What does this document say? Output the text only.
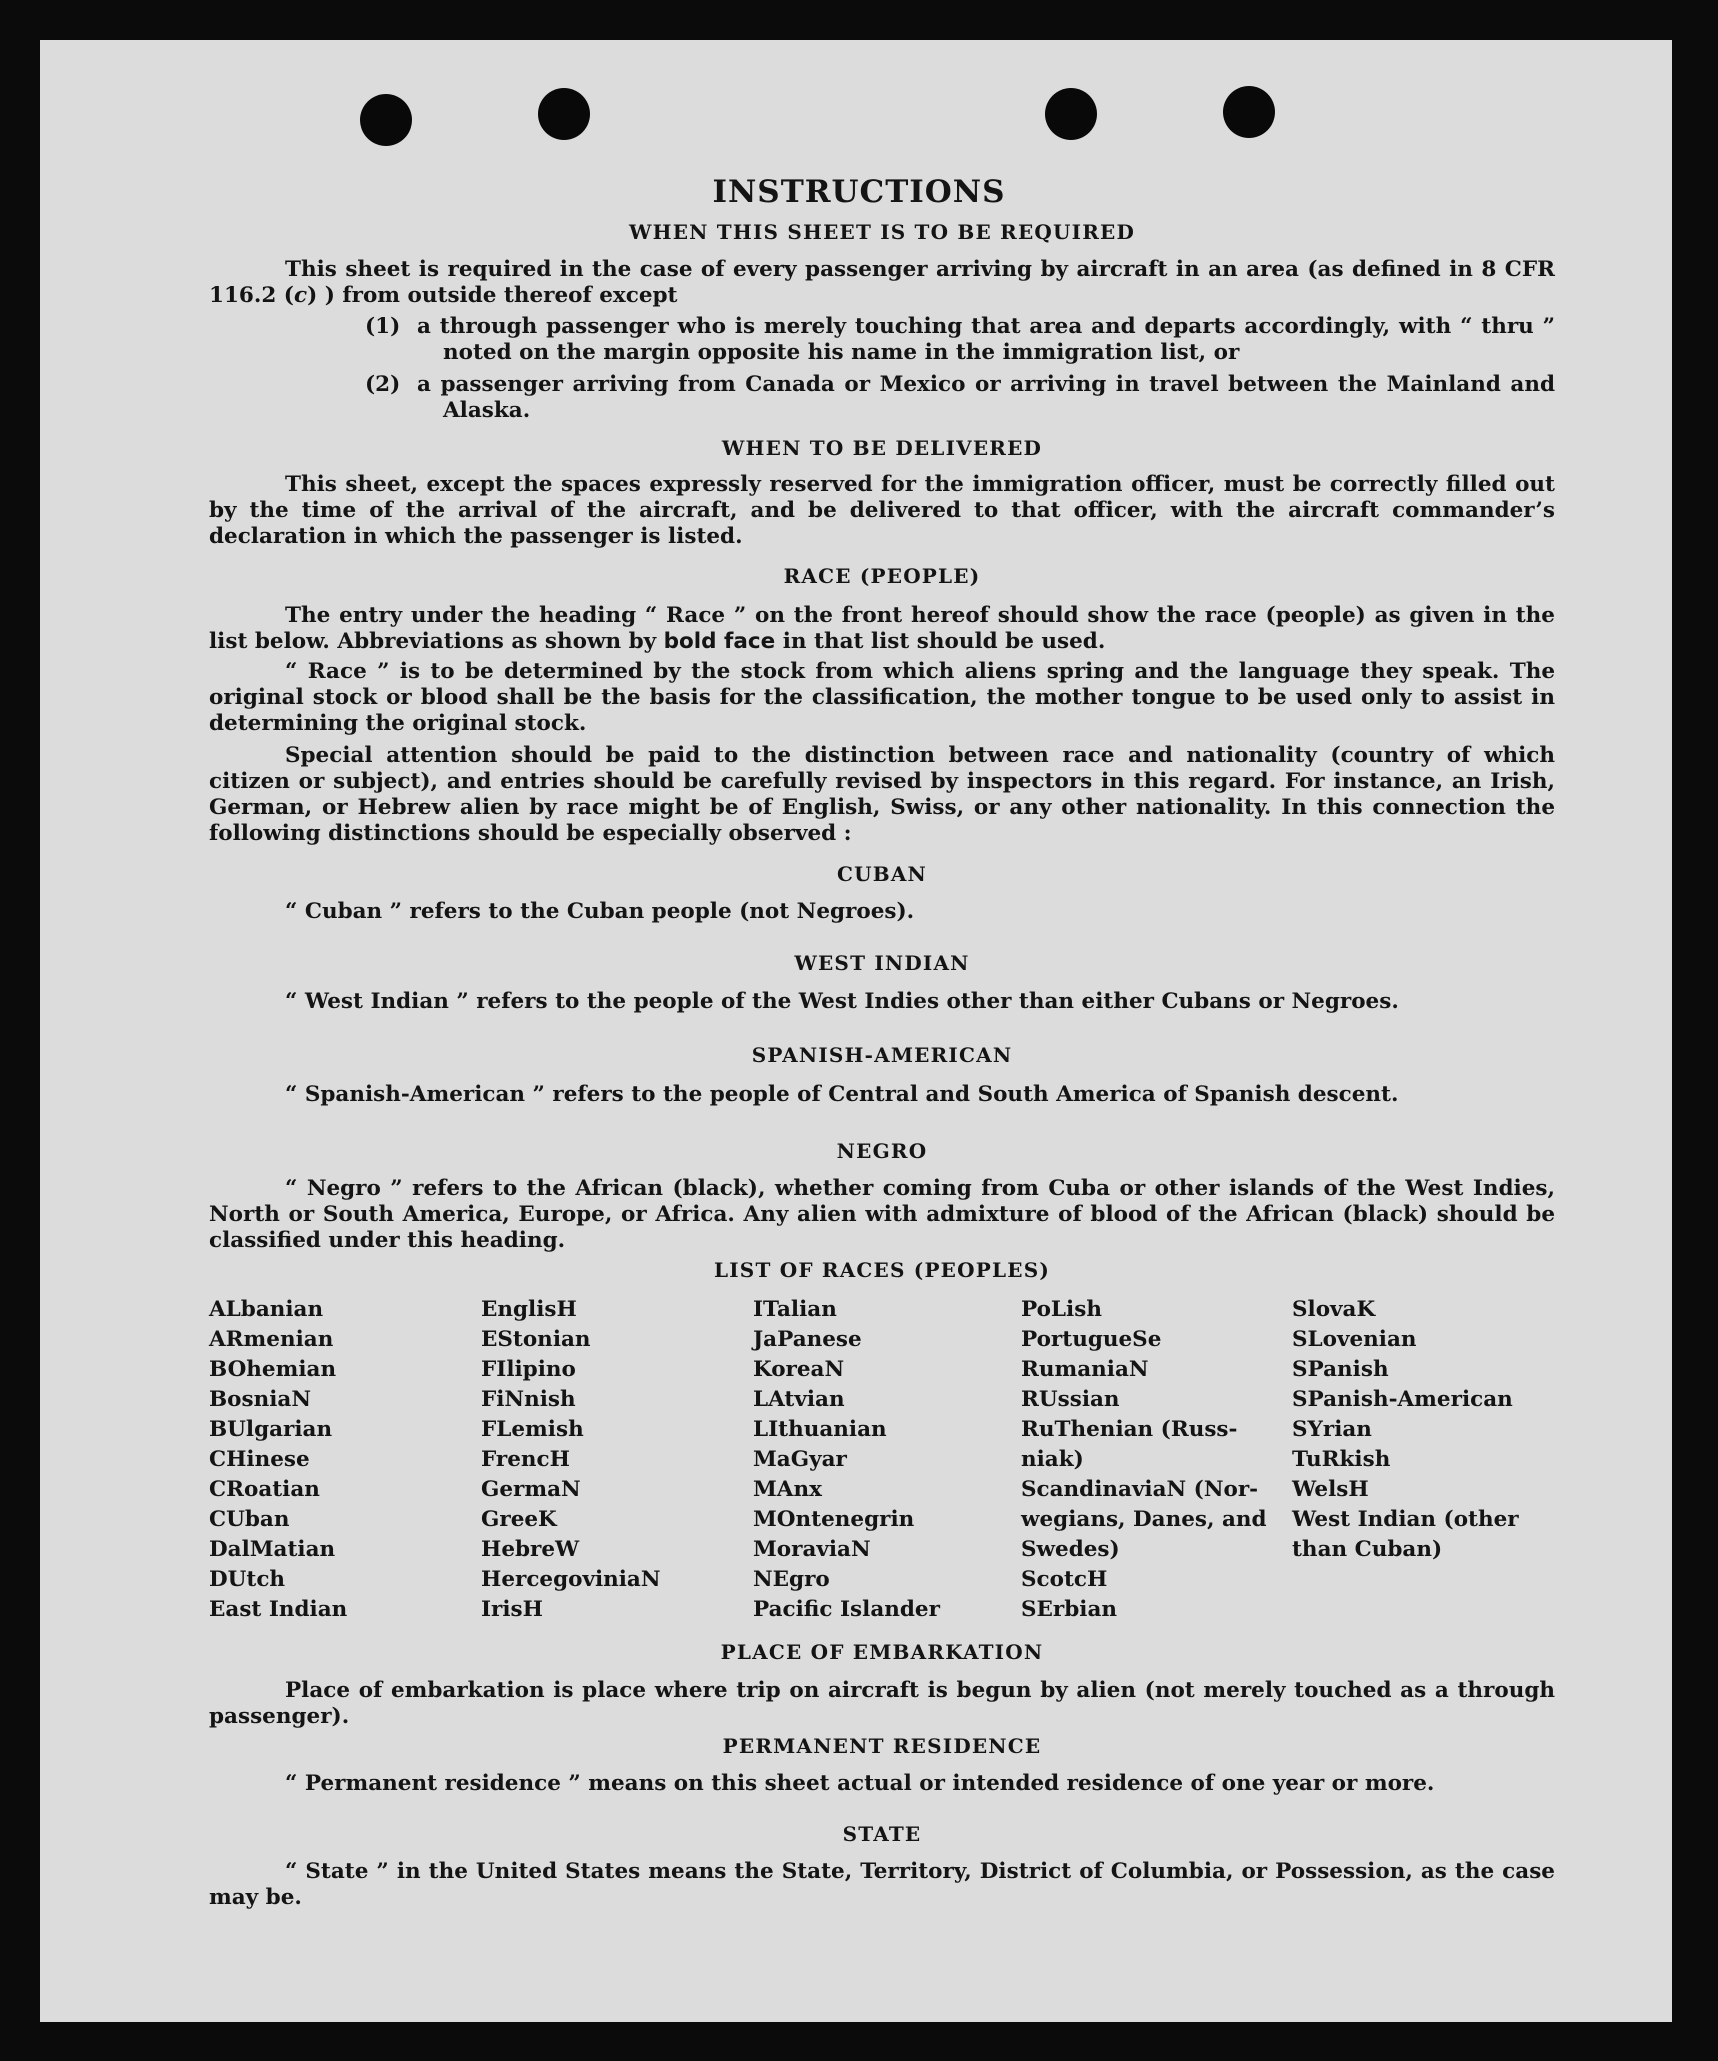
INSTRUCTIONS
WHEN THIS SHEET IS TO BE REQUIRED
This sheet is required in the case of every passenger arriving by aircraft in an area (as defined in 8 CFR 116.2 (c) ) from outside thereof except
(1) a through passenger who is merely touching that area and departs accordingly, with “ thru ” noted on the margin opposite his name in the immigration list, or
(2) a passenger arriving from Canada or Mexico or arriving in travel between the Mainland and Alaska.
WHEN TO BE DELIVERED
This sheet, except the spaces expressly reserved for the immigration officer, must be correctly filled out by the time of the arrival of the aircraft, and be delivered to that officer, with the aircraft commander’s declaration in which the passenger is listed.
RACE (PEOPLE)
The entry under the heading “ Race ” on the front hereof should show the race (people) as given in the list below. Abbreviations as shown by bold face in that list should be used.
“ Race ” is to be determined by the stock from which aliens spring and the language they speak. The original stock or blood shall be the basis for the classification, the mother tongue to be used only to assist in determining the original stock.
Special attention should be paid to the distinction between race and nationality (country of which citizen or subject), and entries should be carefully revised by inspectors in this regard. For instance, an Irish, German, or Hebrew alien by race might be of English, Swiss, or any other nationality. In this connection the following distinctions should be especially observed :
CUBAN
“ Cuban ” refers to the Cuban people (not Negroes).
WEST INDIAN
“ West Indian ” refers to the people of the West Indies other than either Cubans or Negroes.
SPANISH-AMERICAN
“ Spanish-American ” refers to the people of Central and South America of Spanish descent.
NEGRO
“ Negro ” refers to the African (black), whether coming from Cuba or other islands of the West Indies, North or South America, Europe, or Africa. Any alien with admixture of blood of the African (black) should be classified under this heading.
LIST OF RACES (PEOPLES)
ALbanian
ARmenian
BOhemian
BosniaN
BUlgarian
CHinese
CRoatian
CUban
DalMatian
DUtch
East Indian
EnglisH
EStonian
FIlipino
FiNnish
FLemish
FrencH
GermaN
GreeK
HebreW
HercegoviniaN
IrisH
ITalian
JaPanese
KoreaN
LAtvian
LIthuanian
MaGyar
MAnx
MOntenegrin
MoraviaN
NEgro
Pacific Islander
PoLish
PortugueSe
RumaniaN
RUssian
RuThenian (Russ-niak)
ScandinaviaN (Nor-wegians, Danes, and Swedes)
ScotcH
SErbian
SlovaK
SLovenian
SPanish
SPanish-American
SYrian
TuRkish
WelsH
West Indian (other than Cuban)
PLACE OF EMBARKATION
Place of embarkation is place where trip on aircraft is begun by alien (not merely touched as a through passenger).
PERMANENT RESIDENCE
“ Permanent residence ” means on this sheet actual or intended residence of one year or more.
STATE
“ State ” in the United States means the State, Territory, District of Columbia, or Possession, as the case may be.
